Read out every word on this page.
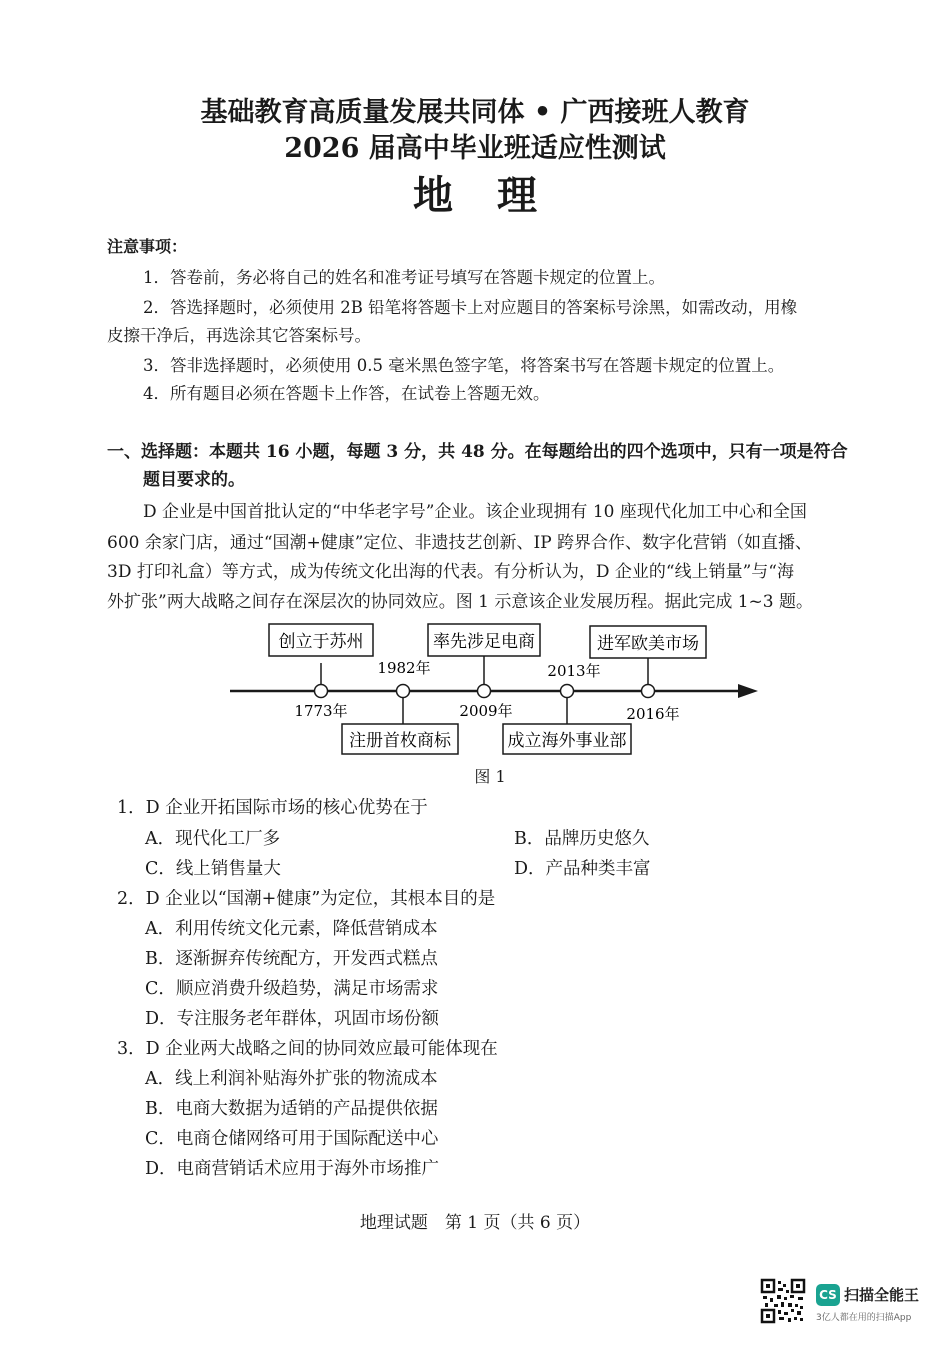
基础教育高质量发展共同体 • 广西接班人教育
2026 届高中毕业班适应性测试
地理
注意事项：
1．答卷前，务必将自己的姓名和准考证号填写在答题卡规定的位置上。
2．答选择题时，必须使用 2B 铅笔将答题卡上对应题目的答案标号涂黑，如需改动，用橡
皮擦干净后，再选涂其它答案标号。
3．答非选择题时，必须使用 0.5 毫米黑色签字笔，将答案书写在答题卡规定的位置上。
4．所有题目必须在答题卡上作答，在试卷上答题无效。
一、选择题：本题共 16 小题，每题 3 分，共 48 分。在每题给出的四个选项中，只有一项是符合
题目要求的。
D 企业是中国首批认定的“中华老字号”企业。该企业现拥有 10 座现代化加工中心和全国
600 余家门店，通过“国潮+健康”定位、非遗技艺创新、IP 跨界合作、数字化营销（如直播、
3D 打印礼盒）等方式，成为传统文化出海的代表。有分析认为，D 企业的“线上销量”与“海
外扩张”两大战略之间存在深层次的协同效应。图 1 示意该企业发展历程。据此完成 1~3 题。
创立于苏州
1773年
1982年
注册首枚商标
率先涉足电商
2009年
2013年
成立海外事业部
进军欧美市场
2016年
图 1
1．D 企业开拓国际市场的核心优势在于
A．现代化工厂多	B．品牌历史悠久
C．线上销售量大	D．产品种类丰富
2．D 企业以“国潮+健康”为定位，其根本目的是
A．利用传统文化元素，降低营销成本
B．逐渐摒弃传统配方，开发西式糕点
C．顺应消费升级趋势，满足市场需求
D．专注服务老年群体，巩固市场份额
3．D 企业两大战略之间的协同效应最可能体现在
A．线上利润补贴海外扩张的物流成本
B．电商大数据为适销的产品提供依据
C．电商仓储网络可用于国际配送中心
D．电商营销话术应用于海外市场推广
地理试题　第 1 页（共 6 页）
CS 扫描全能王
3亿人都在用的扫描App
